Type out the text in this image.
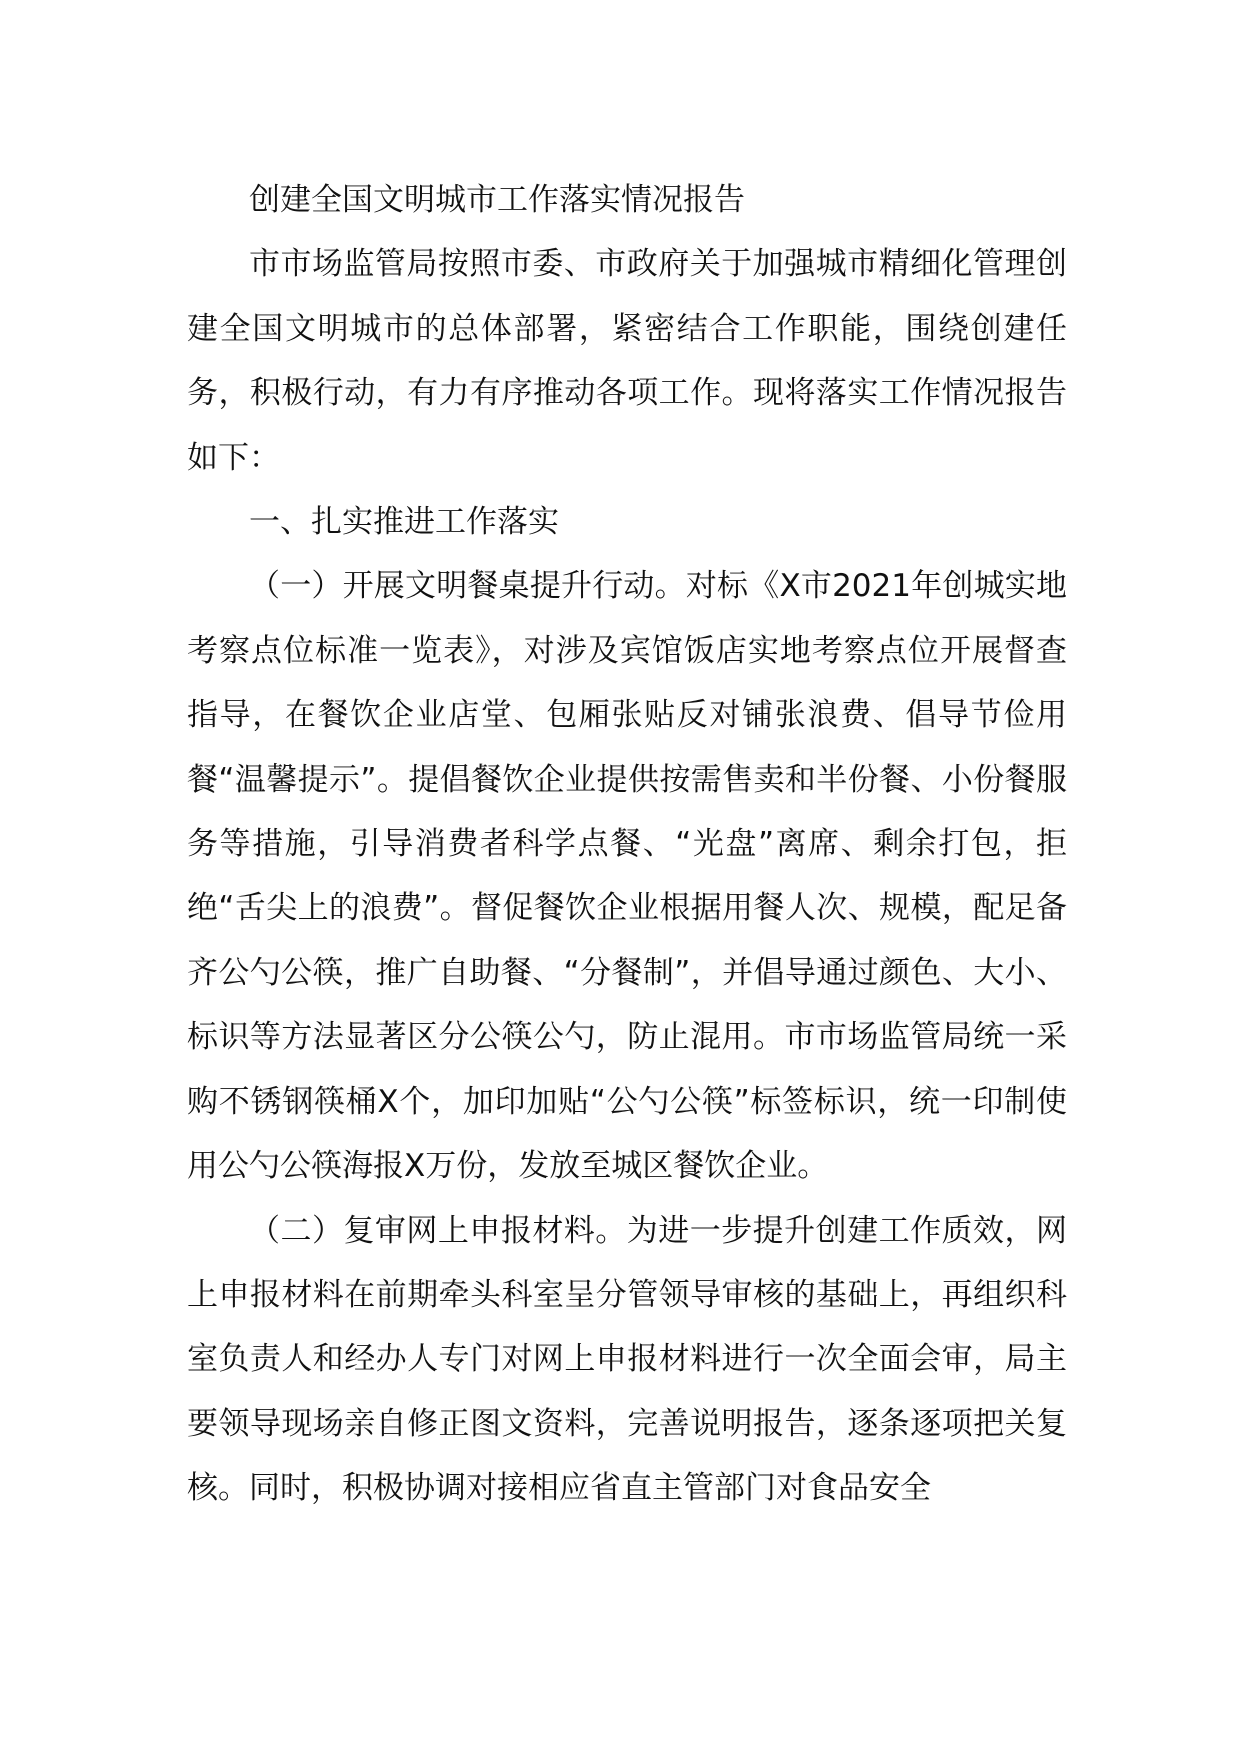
创建全国文明城市工作落实情况报告

市市场监管局按照市委、市政府关于加强城市精细化管理创建全国文明城市的总体部署，紧密结合工作职能，围绕创建任务，积极行动，有力有序推动各项工作。现将落实工作情况报告如下：

一、扎实推进工作落实

（一）开展文明餐桌提升行动。对标《X市2021年创城实地考察点位标准一览表》，对涉及宾馆饭店实地考察点位开展督查指导，在餐饮企业店堂、包厢张贴反对铺张浪费、倡导节俭用餐“温馨提示”。提倡餐饮企业提供按需售卖和半份餐、小份餐服务等措施，引导消费者科学点餐、“光盘”离席、剩余打包，拒绝“舌尖上的浪费”。督促餐饮企业根据用餐人次、规模，配足备齐公勺公筷，推广自助餐、“分餐制”，并倡导通过颜色、大小、标识等方法显著区分公筷公勺，防止混用。市市场监管局统一采购不锈钢筷桶X个，加印加贴“公勺公筷”标签标识，统一印制使用公勺公筷海报X万份，发放至城区餐饮企业。

（二）复审网上申报材料。为进一步提升创建工作质效，网上申报材料在前期牵头科室呈分管领导审核的基础上，再组织科室负责人和经办人专门对网上申报材料进行一次全面会审，局主要领导现场亲自修正图文资料，完善说明报告，逐条逐项把关复核。同时，积极协调对接相应省直主管部门对食品安全
